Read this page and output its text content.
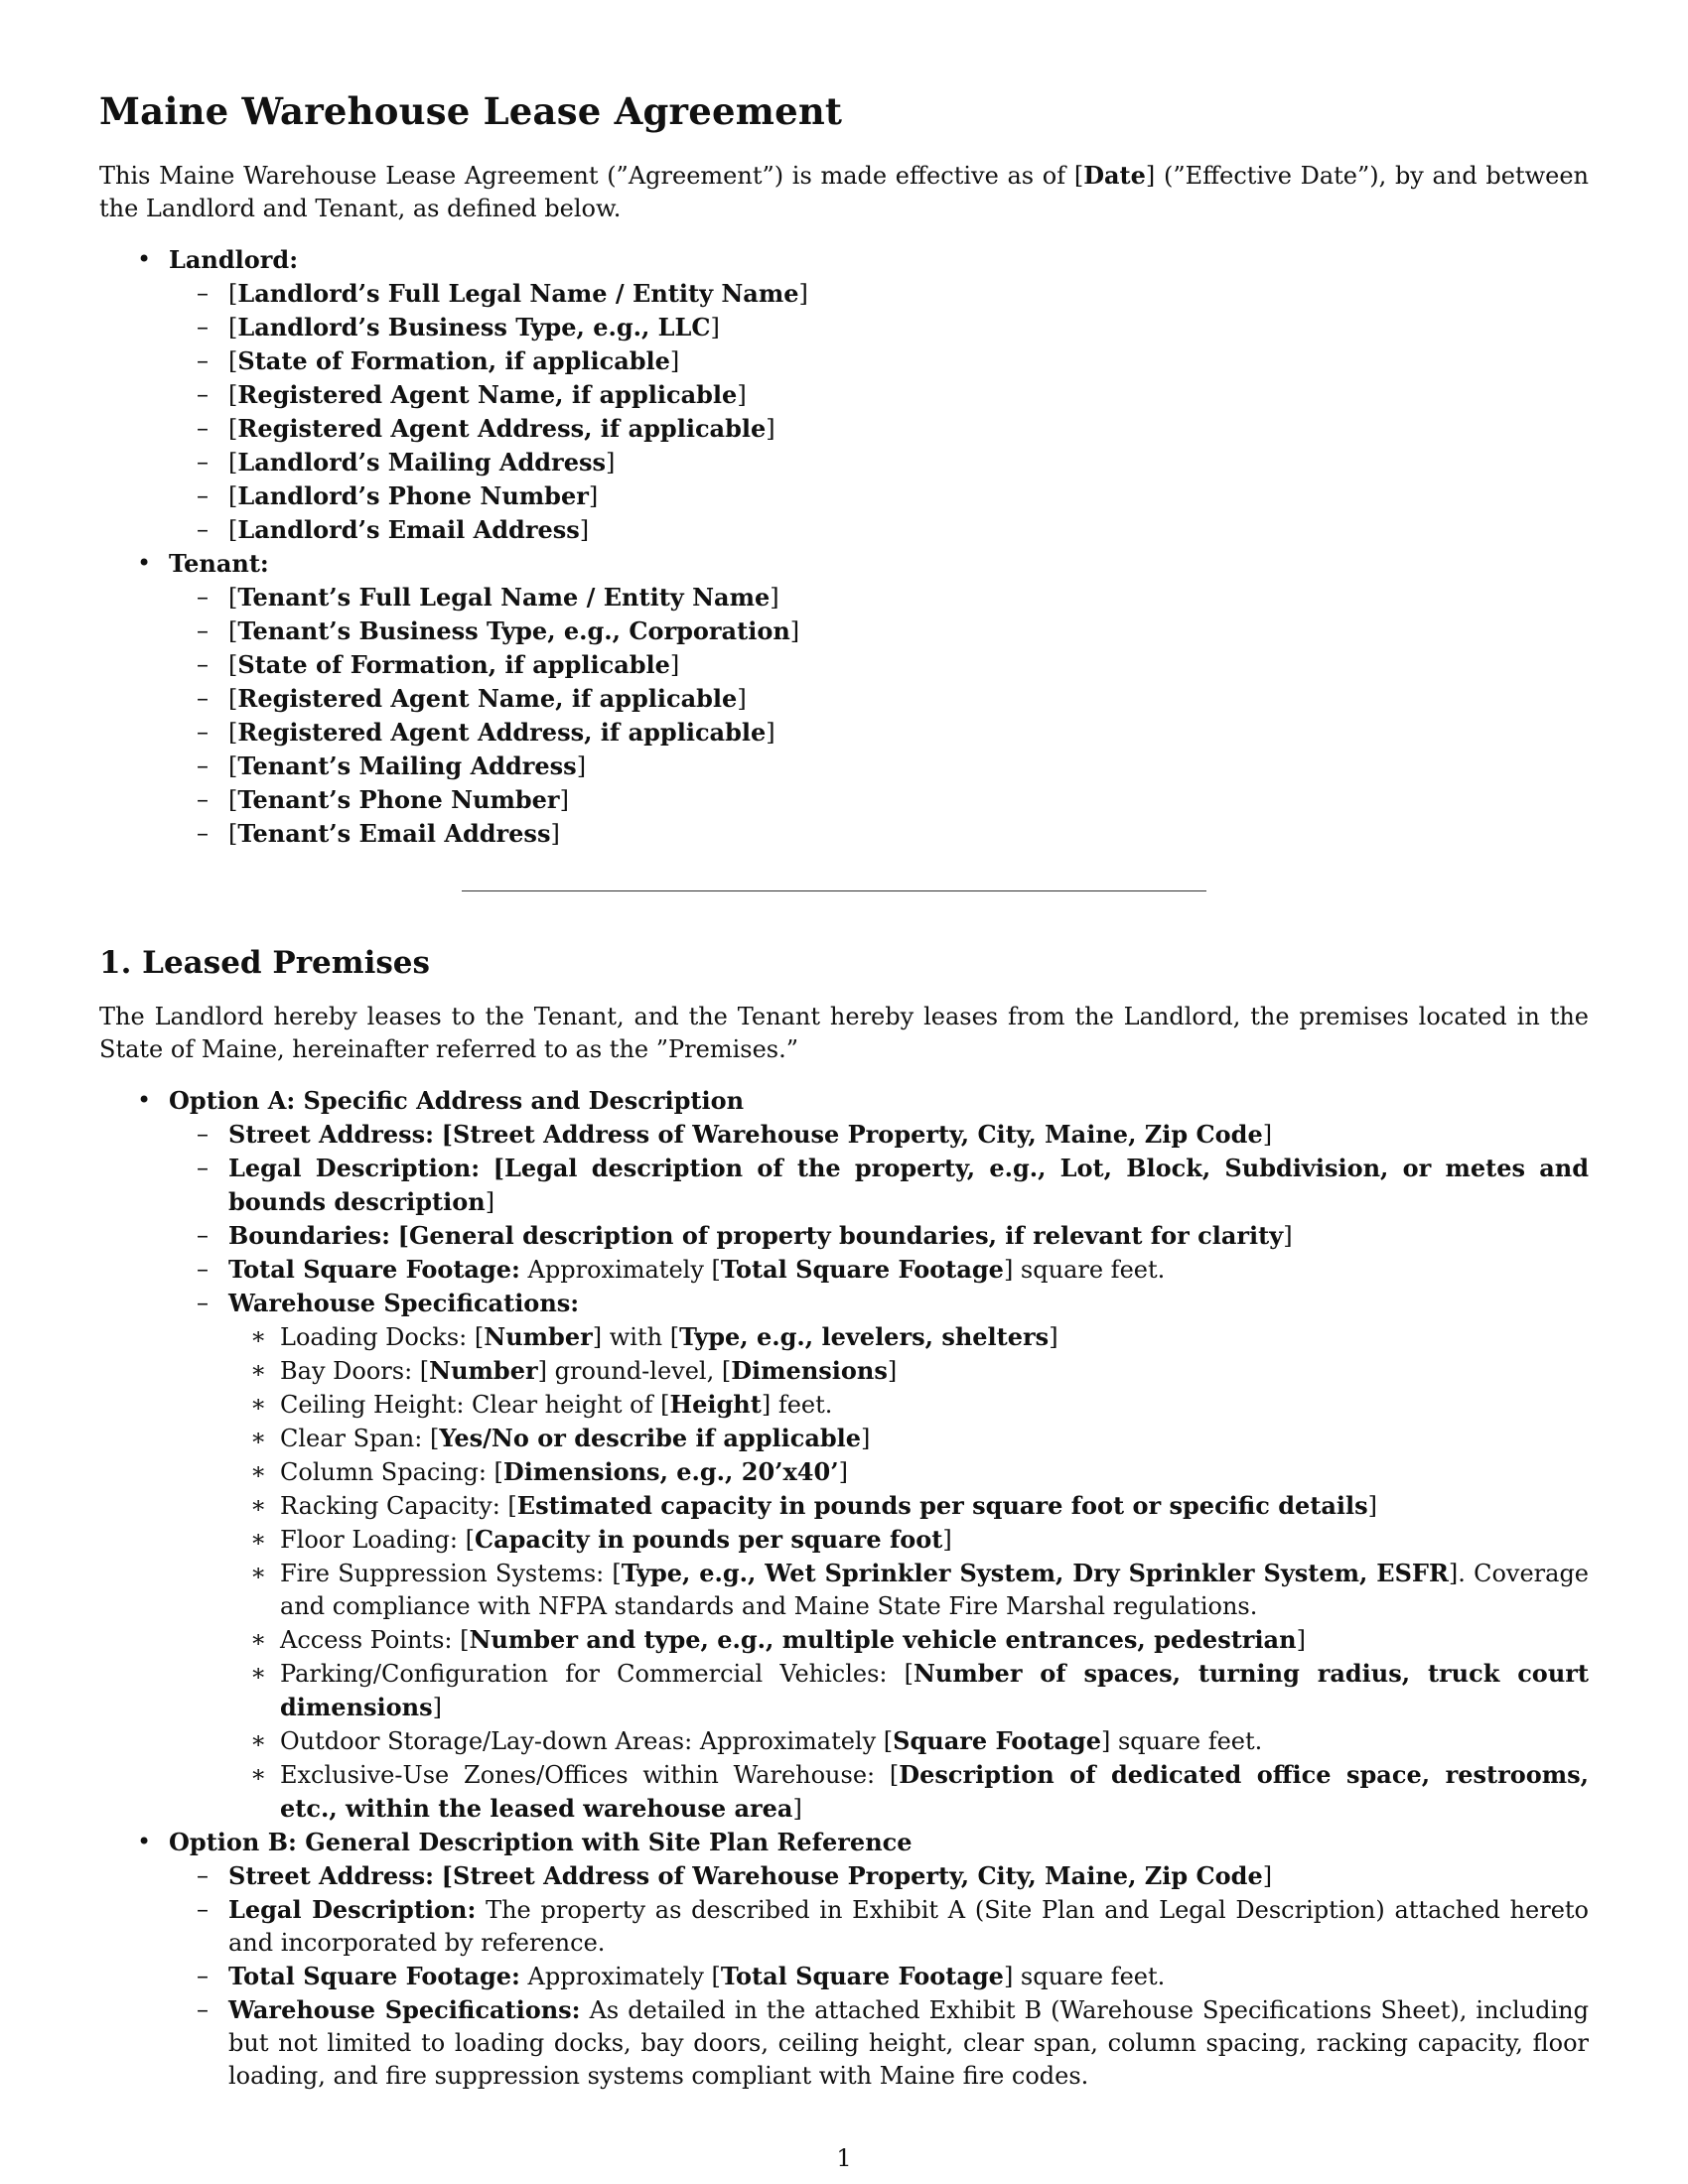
Maine Warehouse Lease Agreement

This Maine Warehouse Lease Agreement (”Agreement”) is made effective as of [Date] (”Effective Date”), by and between the Landlord and Tenant, as defined below.

• Landlord:
– [Landlord’s Full Legal Name / Entity Name]
– [Landlord’s Business Type, e.g., LLC]
– [State of Formation, if applicable]
– [Registered Agent Name, if applicable]
– [Registered Agent Address, if applicable]
– [Landlord’s Mailing Address]
– [Landlord’s Phone Number]
– [Landlord’s Email Address]
• Tenant:
– [Tenant’s Full Legal Name / Entity Name]
– [Tenant’s Business Type, e.g., Corporation]
– [State of Formation, if applicable]
– [Registered Agent Name, if applicable]
– [Registered Agent Address, if applicable]
– [Tenant’s Mailing Address]
– [Tenant’s Phone Number]
– [Tenant’s Email Address]
1. Leased Premises

The Landlord hereby leases to the Tenant, and the Tenant hereby leases from the Landlord, the premises located in the State of Maine, hereinafter referred to as the ”Premises.”

• Option A: Specific Address and Description
– Street Address: [Street Address of Warehouse Property, City, Maine, Zip Code]
– Legal Description: [Legal description of the property, e.g., Lot, Block, Subdivision, or metes and bounds description]
– Boundaries: [General description of property boundaries, if relevant for clarity]
– Total Square Footage: Approximately [Total Square Footage] square feet.
– Warehouse Specifications:
∗ Loading Docks: [Number] with [Type, e.g., levelers, shelters]
∗ Bay Doors: [Number] ground-level, [Dimensions]
∗ Ceiling Height: Clear height of [Height] feet.
∗ Clear Span: [Yes/No or describe if applicable]
∗ Column Spacing: [Dimensions, e.g., 20’x40’]
∗ Racking Capacity: [Estimated capacity in pounds per square foot or specific details]
∗ Floor Loading: [Capacity in pounds per square foot]
∗ Fire Suppression Systems: [Type, e.g., Wet Sprinkler System, Dry Sprinkler System, ESFR]. Coverage and compliance with NFPA standards and Maine State Fire Marshal regulations.
∗ Access Points: [Number and type, e.g., multiple vehicle entrances, pedestrian]
∗ Parking/Configuration for Commercial Vehicles: [Number of spaces, turning radius, truck court dimensions]
∗ Outdoor Storage/Lay-down Areas: Approximately [Square Footage] square feet.
∗ Exclusive-Use Zones/Offices within Warehouse: [Description of dedicated office space, restrooms, etc., within the leased warehouse area]
• Option B: General Description with Site Plan Reference
– Street Address: [Street Address of Warehouse Property, City, Maine, Zip Code]
– Legal Description: The property as described in Exhibit A (Site Plan and Legal Description) attached hereto and incorporated by reference.
– Total Square Footage: Approximately [Total Square Footage] square feet.
– Warehouse Specifications: As detailed in the attached Exhibit B (Warehouse Specifications Sheet), including but not limited to loading docks, bay doors, ceiling height, clear span, column spacing, racking capacity, floor loading, and fire suppression systems compliant with Maine fire codes.
1
